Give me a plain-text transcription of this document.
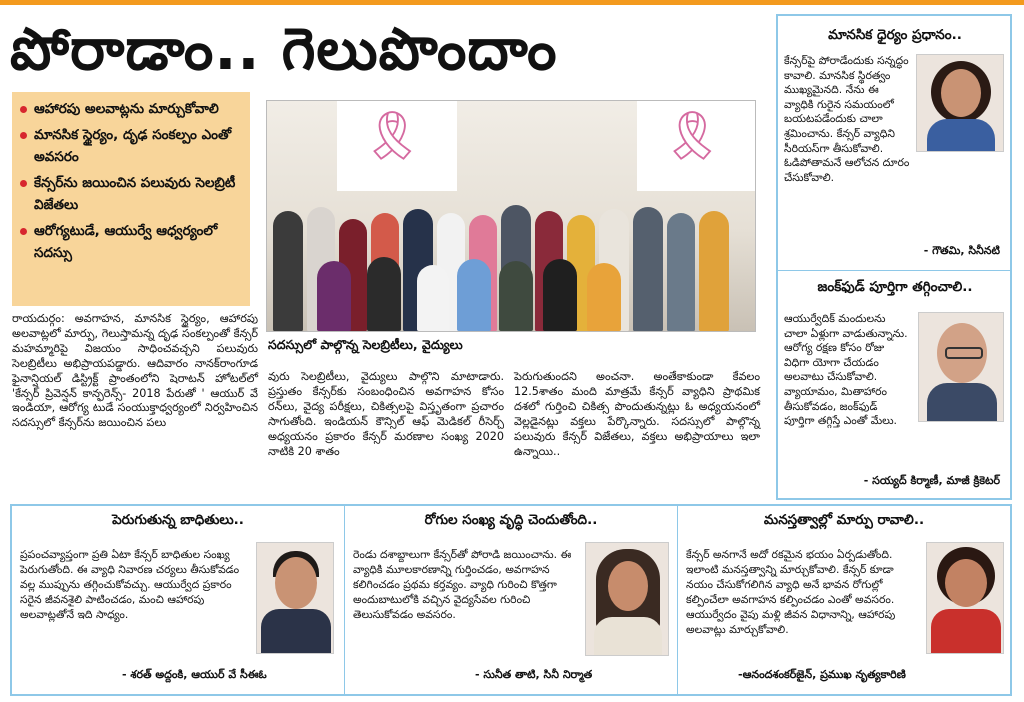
పోరాడాం.. గెలుపొందాం
ఆహారపు అలవాట్లను మార్చుకోవాలి
మానసిక స్థైర్యం, దృఢ సంకల్పం ఎంతో అవసరం
కేన్సర్‌ను జయించిన పలువురు సెలబ్రిటీ విజేతలు
ఆరోగ్యటుడే, ఆయుర్వే ఆధ్వర్యంలో సదస్సు
🎗	🎗
సదస్సులో పాల్గొన్న సెలబ్రిటీలు, వైద్యులు
రాయదుర్గం: అవగాహన, మానసిక స్థైర్యం, ఆహారపు అలవాట్లలో మార్పు, గెలుస్తామన్న దృఢ సంకల్పంతో కేన్సర్ మహమ్మారిపై విజయం సాధించవచ్చని పలువురు సెలబ్రిటీలు అభిప్రాయపడ్డారు. ఆదివారం నానక్‌రాంగూడ ఫైనాన్షియల్ డిస్ట్రిక్ట్ ప్రాంతంలోని షెరాటన్ హోటల్‌లో 'కేన్సర్ ప్రివెన్షన్ కాన్ఫరెన్స్- 2018 పేరుతో ' ఆయుర్ వే ఇండియా, ఆరోగ్య టుడే సంయుక్తాధ్వర్యంలో నిర్వహించిన సదస్సులో కేన్సర్‌ను జయించిన పలు
వురు సెలబ్రిటీలు, వైద్యులు పాల్గొని మాటాడారు. ప్రస్తుతం కేన్సర్‌కు సంబంధించిన అవగాహన కోసం రన్‌లు, వైద్య పరీక్షలు, చికిత్సలపై విస్తృతంగా ప్రచారం సాగుతోంది. ఇండియన్ కౌన్సిల్ ఆఫ్ మెడికల్ రీసెర్చ్ అధ్యయనం ప్రకారం కేన్సర్ మరణాల సంఖ్య 2020 నాటికి 20 శాతం
పెరుగుతుందని అంచనా. అంతేకాకుండా కేవలం 12.5శాతం మంది మాత్రమే కేన్సర్ వ్యాధిని ప్రాథమిక దశలో గుర్తించి చికిత్స పొందుతున్నట్లు ఓ అధ్యయనంలో వెల్లడైనట్లు వక్తలు పేర్కొన్నారు. సదస్సులో పాల్గొన్న పలువురు కేన్సర్ విజేతలు, వక్తలు అభిప్రాయాలు ఇలా ఉన్నాయి..
మానసిక ధైర్యం ప్రధానం..
కేన్సర్‌పై పోరాడేందుకు సన్నద్ధం కావాలి. మానసిక స్థిరత్వం ముఖ్యమైనది. నేను ఈ వ్యాధికి గురైన సమయంలో బయటపడేందుకు చాలా శ్రమించాను. కేన్సర్ వ్యాధిని సీరియస్‌గా తీసుకోవాలి. ఓడిపోతామనే ఆలోచన దూరం చేసుకోవాలి.
- గౌతమి, సినీనటి
జంక్‌ఫుడ్ పూర్తిగా తగ్గించాలి..
ఆయుర్వేదిక్ మందులను చాలా ఏళ్లుగా వాడుతున్నాను. ఆరోగ్య రక్షణ కోసం రోజు విధిగా యోగా చేయడం అలవాటు చేసుకోవాలి. వ్యాయామం, మితాహారం తీసుకోవడం, జంక్‌ఫుడ్ పూర్తిగా తగ్గిస్తే ఎంతో మేలు.
- సయ్యద్ కిర్మాణీ, మాజీ క్రికెటర్
పెరుగుతున్న బాధితులు..
ప్రపంచవ్యాప్తంగా ప్రతి ఏటా కేన్సర్ బాధితుల సంఖ్య పెరుగుతోంది. ఈ వ్యాధి నివారణ చర్యలు తీసుకోవడం వల్ల ముప్పును తగ్గించుకోవచ్చు. ఆయుర్వేద ప్రకారం సరైన జీవనశైలి పాటించడం, మంచి ఆహారపు అలవాట్లతోనే ఇది సాధ్యం.
- శరత్ అద్దంకి, ఆయుర్ వే సీఈఓ
రోగుల సంఖ్య వృద్ధి చెందుతోంది..
రెండు దశాబ్దాలుగా కేన్సర్‌తో పోరాడి జయించాను. ఈ వ్యాధికి మూలకారణాన్ని గుర్తించడం, అవగాహన కలిగించడం ప్రథమ కర్తవ్యం. వ్యాధి గురించి కొత్తగా అందుబాటులోకి వచ్చిన వైద్యసేవల గురించి తెలుసుకోవడం అవసరం.
- సునీత తాటి, సినీ నిర్మాత
మనస్తత్వాల్లో మార్పు రావాలి..
కేన్సర్ అనగానే అదో రకమైన భయం ఏర్పడుతోంది. ఇలాంటి మనస్తత్వాన్ని మార్చుకోవాలి. కేన్సర్ కూడా నయం చేసుకోగలిగిన వ్యాధి అనే భావన రోగుల్లో కల్పించేలా అవగాహన కల్పించడం ఎంతో అవసరం. ఆయుర్వేదం వైపు మళ్లి జీవన విధానాన్ని, ఆహారపు అలవాట్లు మార్చుకోవాలి.
-ఆనందశంకర్‌జైన్, ప్రముఖ నృత్యకారిణి
